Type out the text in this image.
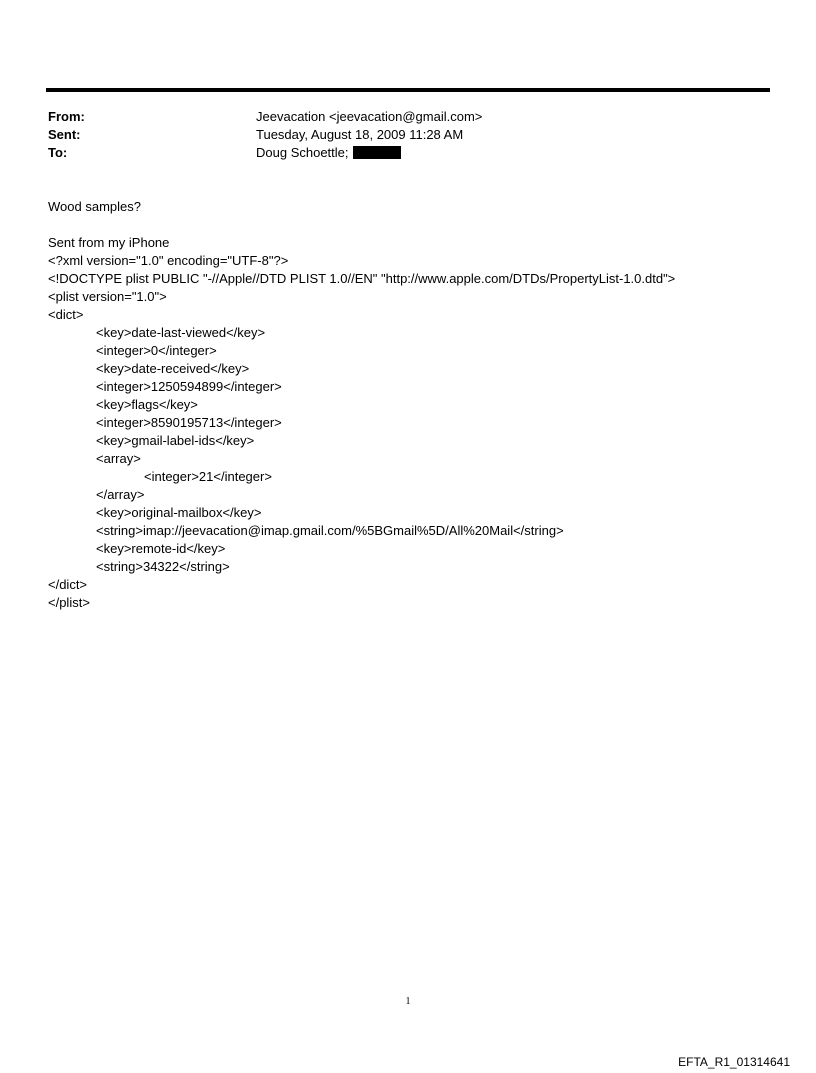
From:	Jeevacation <jeevacation@gmail.com>
Sent:	Tuesday, August 18, 2009 11:28 AM
To:	Doug Schoettle;
Wood samples?
Sent from my iPhone
<?xml version="1.0" encoding="UTF-8"?>
<!DOCTYPE plist PUBLIC "-//Apple//DTD PLIST 1.0//EN" "http://www.apple.com/DTDs/PropertyList-1.0.dtd">
<plist version="1.0">
<dict>
<key>date-last-viewed</key>
<integer>0</integer>
<key>date-received</key>
<integer>1250594899</integer>
<key>flags</key>
<integer>8590195713</integer>
<key>gmail-label-ids</key>
<array>
<integer>21</integer>
</array>
<key>original-mailbox</key>
<string>imap://jeevacation@imap.gmail.com/%5BGmail%5D/All%20Mail</string>
<key>remote-id</key>
<string>34322</string>
</dict>
</plist>
1
EFTA_R1_01314641
